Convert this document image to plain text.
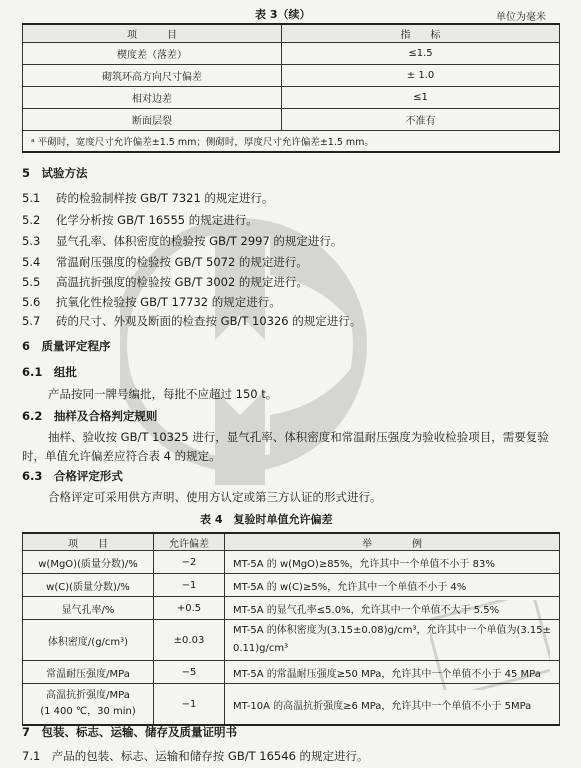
表 3（续）	单位为毫米
项　　　目	指　　标
楔度差（落差）	≤1.5
砌筑环高方向尺寸偏差	± 1.0
相对边差	≤1
断面层裂	不准有
ᵃ 平砌时，宽度尺寸允许偏差±1.5 mm；侧砌时，厚度尺寸允许偏差±1.5 mm。	
5　试验方法
5.1 砖的检验制样按 GB/T 7321 的规定进行。
5.2 化学分析按 GB/T 16555 的规定进行。
5.3 显气孔率、体积密度的检验按 GB/T 2997 的规定进行。
5.4 常温耐压强度的检验按 GB/T 5072 的规定进行。
5.5 高温抗折强度的检验按 GB/T 3002 的规定进行。
5.6 抗氧化性检验按 GB/T 17732 的规定进行。
5.7 砖的尺寸、外观及断面的检查按 GB/T 10326 的规定进行。
6　质量评定程序
6.1　组批
产品按同一牌号编批，每批不应超过 150 t。
6.2　抽样及合格判定规则
抽样、验收按 GB/T 10325 进行，显气孔率、体积密度和常温耐压强度为验收检验项目，需要复验
时，单值允许偏差应符合表 4 的规定。
6.3　合格评定形式
合格评定可采用供方声明、使用方认定或第三方认证的形式进行。
表 4　复验时单值允许偏差
项　　目	允许偏差	举　　　　例
w(MgO)(质量分数)/%	−2	MT-5A 的 w(MgO)≥85%，允许其中一个单值不小于 83%
w(C)(质量分数)/%	−1	MT-5A 的 w(C)≥5%，允许其中一个单值不小于 4%
显气孔率/%	+0.5	MT-5A 的显气孔率≤5.0%，允许其中一个单值不大于 5.5%
体积密度/(g/cm³)	±0.03	MT-5A 的体积密度为(3.15±0.08)g/cm³，允许其中一个单值为(3.15±
0.11)g/cm³
常温耐压强度/MPa	−5	MT-5A 的常温耐压强度≥50 MPa，允许其中一个单值不小于 45 MPa
高温抗折强度/MPa
(1 400 ℃，30 min)	−1	MT-10A 的高温抗折强度≥6 MPa，允许其中一个单值不小于 5MPa
7　包装、标志、运输、储存及质量证明书
7.1　产品的包装、标志、运输和储存按 GB/T 16546 的规定进行。
